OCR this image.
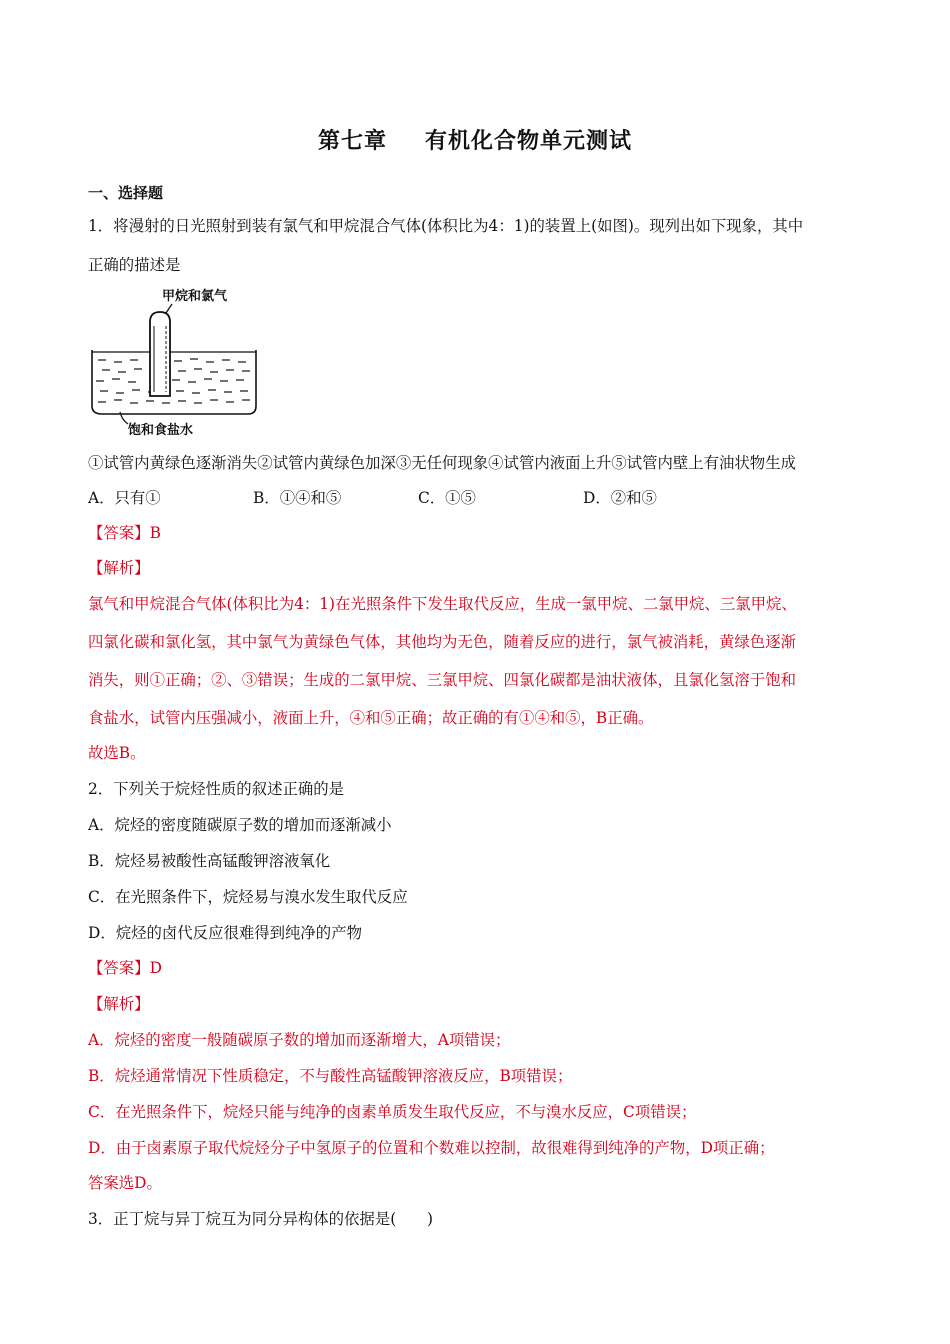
第七章 有机化合物单元测试
一、选择题
1．将漫射的日光照射到装有氯气和甲烷混合气体(体积比为4：1)的装置上(如图)。现列出如下现象，其中
正确的描述是
甲烷和氯气
饱和食盐水
①试管内黄绿色逐渐消失②试管内黄绿色加深③无任何现象④试管内液面上升⑤试管内壁上有油状物生成
A．只有①	B．①④和⑤	C．①⑤	D．②和⑤
【答案】B
【解析】
氯气和甲烷混合气体(体积比为4：1)在光照条件下发生取代反应，生成一氯甲烷、二氯甲烷、三氯甲烷、
四氯化碳和氯化氢，其中氯气为黄绿色气体，其他均为无色，随着反应的进行，氯气被消耗，黄绿色逐渐
消失，则①正确；②、③错误；生成的二氯甲烷、三氯甲烷、四氯化碳都是油状液体，且氯化氢溶于饱和
食盐水，试管内压强减小，液面上升，④和⑤正确；故正确的有①④和⑤，B正确。
故选B。
2．下列关于烷烃性质的叙述正确的是
A．烷烃的密度随碳原子数的增加而逐渐减小
B．烷烃易被酸性高锰酸钾溶液氧化
C．在光照条件下，烷烃易与溴水发生取代反应
D．烷烃的卤代反应很难得到纯净的产物
【答案】D
【解析】
A．烷烃的密度一般随碳原子数的增加而逐渐增大，A项错误；
B．烷烃通常情况下性质稳定，不与酸性高锰酸钾溶液反应，B项错误；
C．在光照条件下，烷烃只能与纯净的卤素单质发生取代反应，不与溴水反应，C项错误；
D．由于卤素原子取代烷烃分子中氢原子的位置和个数难以控制，故很难得到纯净的产物，D项正确；
答案选D。
3．正丁烷与异丁烷互为同分异构体的依据是(　　)
